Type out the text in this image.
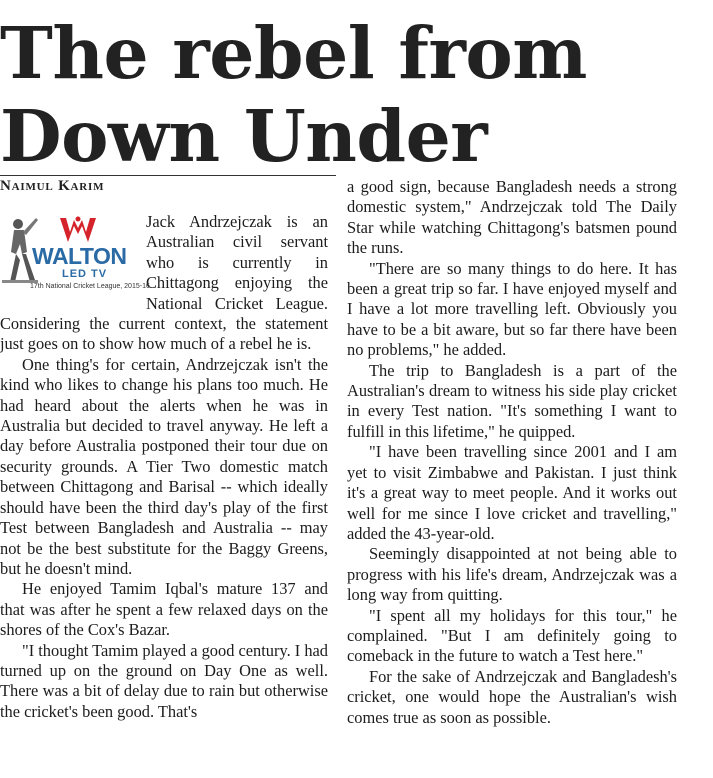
The rebel from
Down Under
Naimul Karim
WALTON
LED TV
17th National Cricket League, 2015-16

Jack Andrzejczak is an Australian civil servant who is currently in Chittagong enjoying the National Cricket League. Considering the current context, the statement just goes on to show how much of a rebel he is.

One thing's for certain, Andrzejczak isn't the kind who likes to change his plans too much. He had heard about the alerts when he was in Australia but decided to travel anyway. He left a day before Australia postponed their tour due on security grounds. A Tier Two domestic match between Chittagong and Barisal -- which ideally should have been the third day's play of the first Test between Bangladesh and Australia -- may not be the best substitute for the Baggy Greens, but he doesn't mind.

He enjoyed Tamim Iqbal's mature 137 and that was after he spent a few relaxed days on the shores of the Cox's Bazar.

"I thought Tamim played a good century. I had turned up on the ground on Day One as well. There was a bit of delay due to rain but otherwise the cricket's been good. That's

a good sign, because Bangladesh needs a strong domestic system," Andrzejczak told The Daily Star while watching Chittagong's batsmen pound the runs.

"There are so many things to do here. It has been a great trip so far. I have enjoyed myself and I have a lot more travelling left. Obviously you have to be a bit aware, but so far there have been no problems," he added.

The trip to Bangladesh is a part of the Australian's dream to witness his side play cricket in every Test nation. "It's something I want to fulfill in this lifetime," he quipped.

"I have been travelling since 2001 and I am yet to visit Zimbabwe and Pakistan. I just think it's a great way to meet people. And it works out well for me since I love cricket and travelling," added the 43-year-old.

Seemingly disappointed at not being able to progress with his life's dream, Andrzejczak was a long way from quitting.

"I spent all my holidays for this tour," he complained. "But I am definitely going to comeback in the future to watch a Test here."

For the sake of Andrzejczak and Bangladesh's cricket, one would hope the Australian's wish comes true as soon as possible.
